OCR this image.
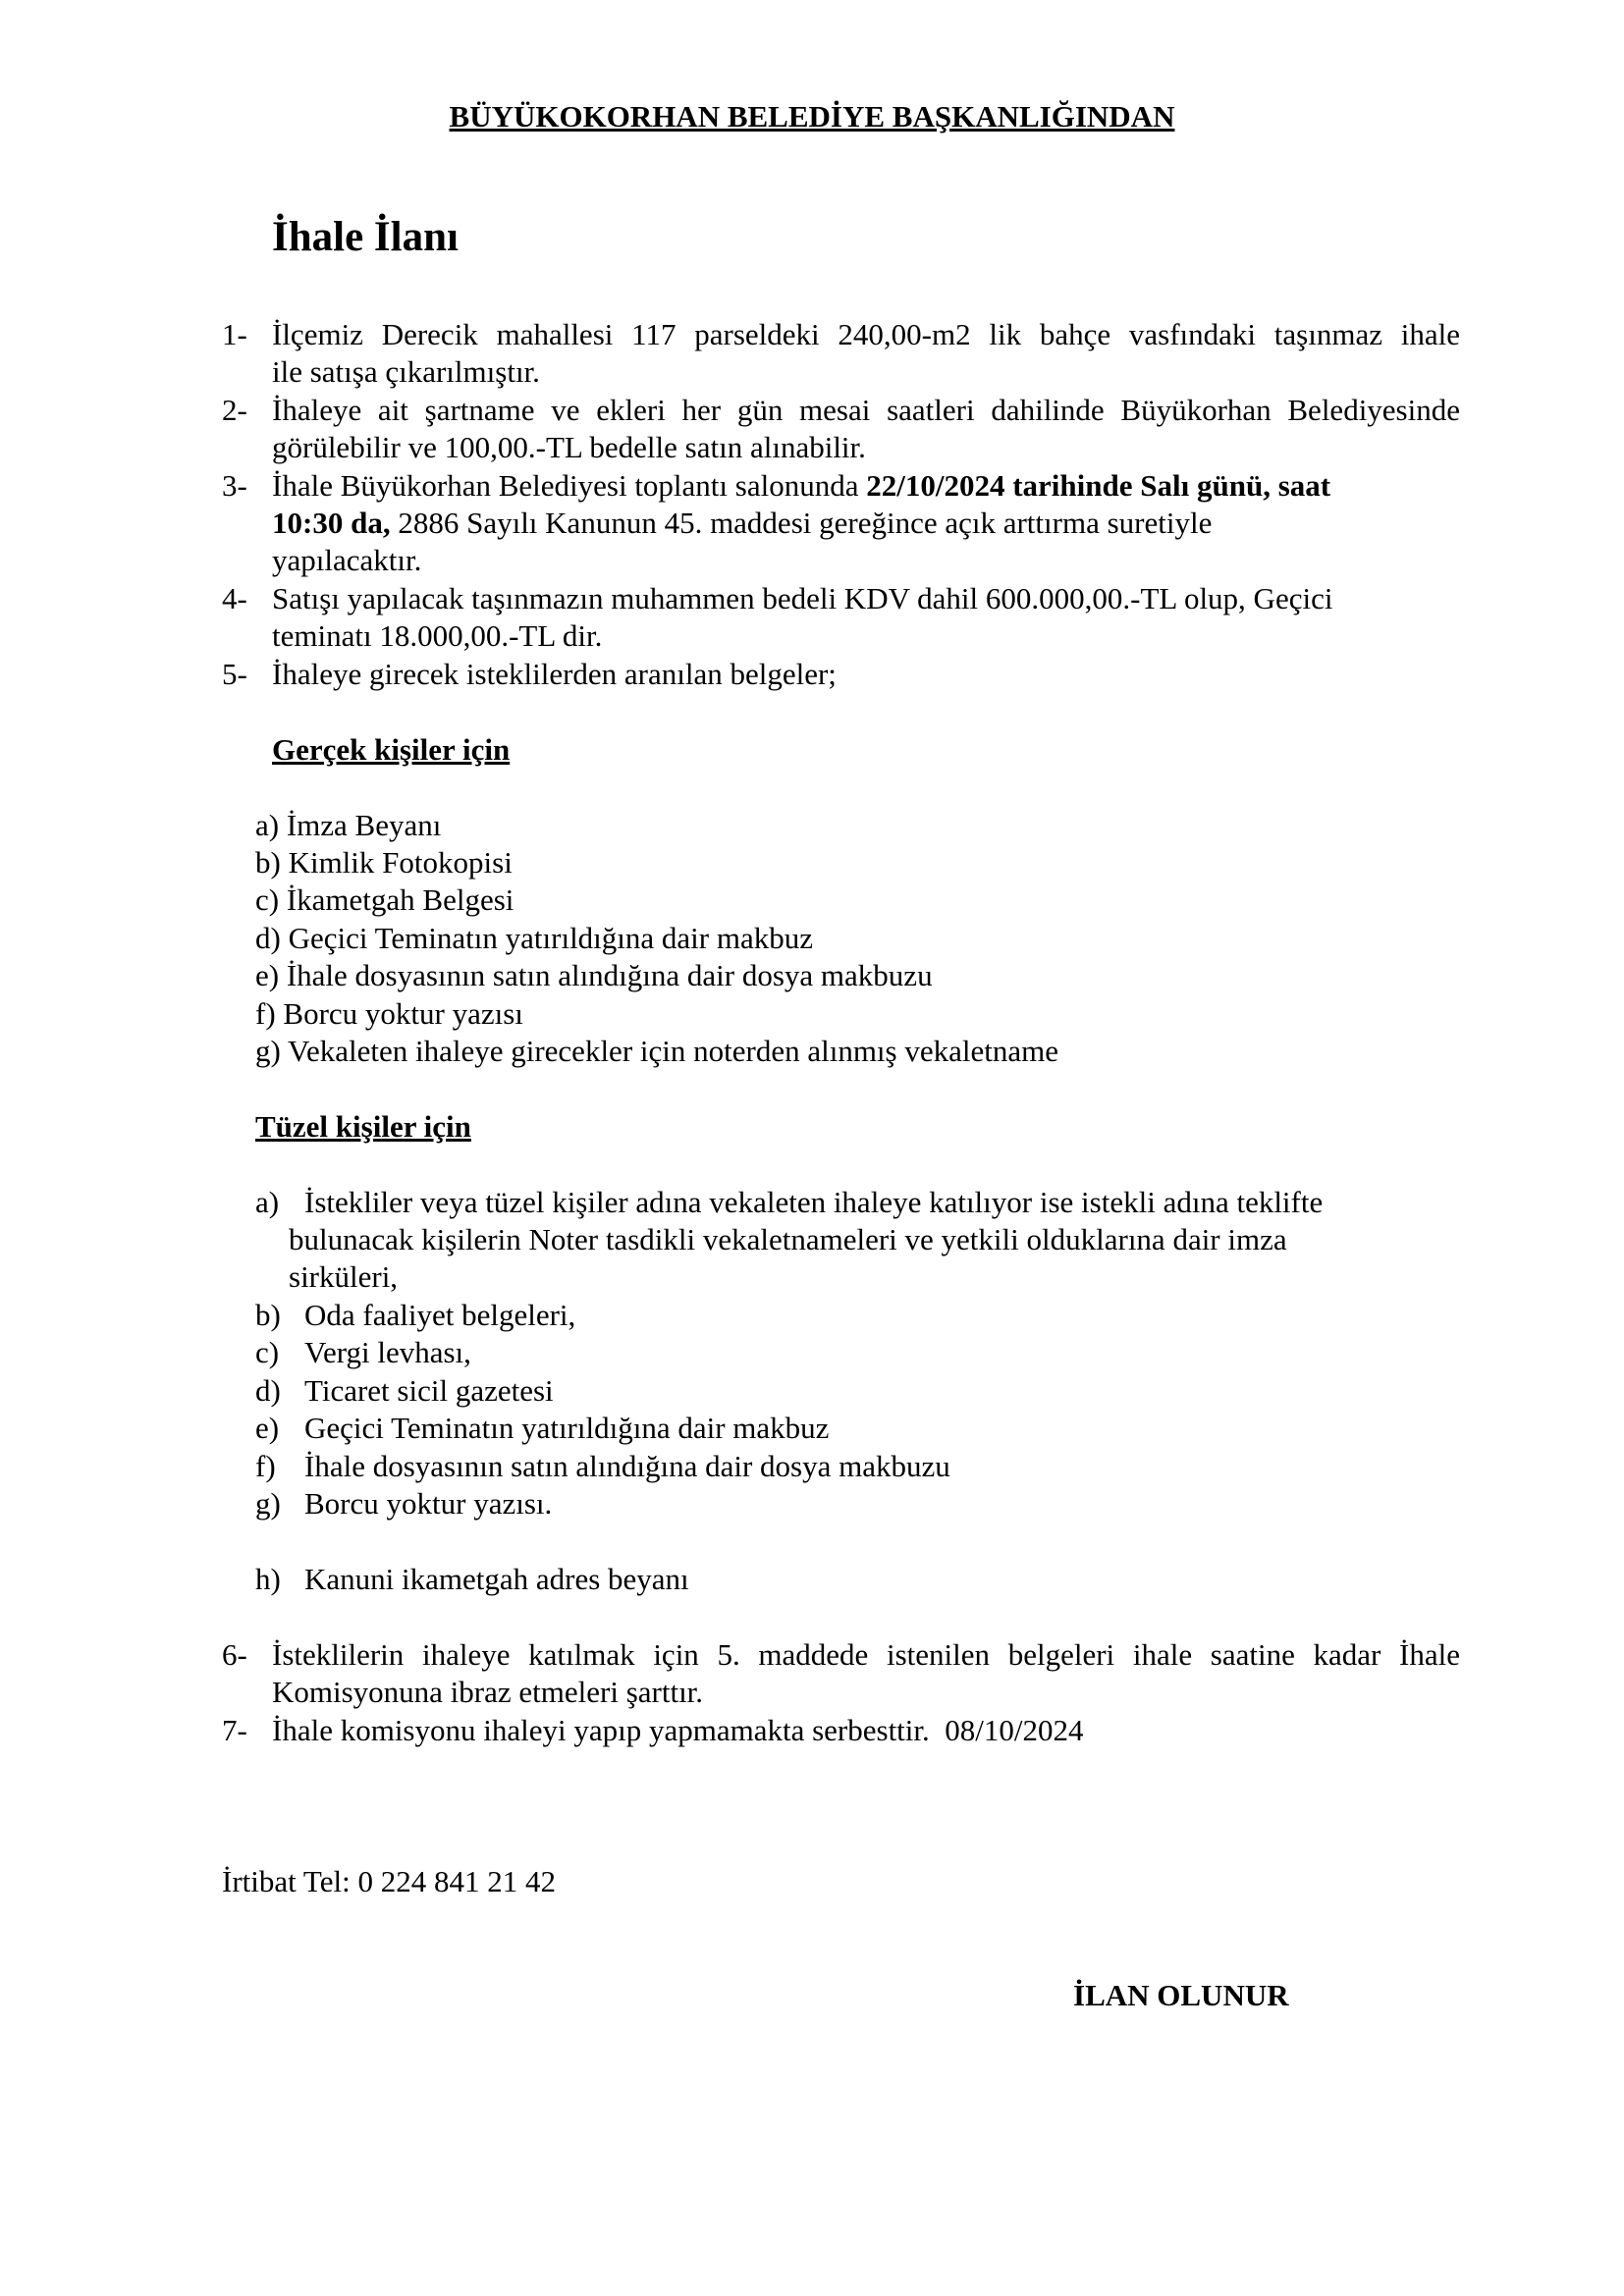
BÜYÜKOKORHAN BELEDİYE BAŞKANLIĞINDAN
İhale İlanı
1- İlçemiz Derecik mahallesi 117 parseldeki 240,00-m2 lik bahçe vasfındaki taşınmaz ihale
ile satışa çıkarılmıştır.
2- İhaleye ait şartname ve ekleri her gün mesai saatleri dahilinde Büyükorhan Belediyesinde
görülebilir ve 100,00.-TL bedelle satın alınabilir.
3- İhale Büyükorhan Belediyesi toplantı salonunda 22/10/2024 tarihinde Salı günü, saat
10:30 da, 2886 Sayılı Kanunun 45. maddesi gereğince açık arttırma suretiyle
yapılacaktır.
4- Satışı yapılacak taşınmazın muhammen bedeli KDV dahil 600.000,00.-TL olup, Geçici
teminatı 18.000,00.-TL dir.
5- İhaleye girecek isteklilerden aranılan belgeler;
Gerçek kişiler için
a) İmza Beyanı
b) Kimlik Fotokopisi
c) İkametgah Belgesi
d) Geçici Teminatın yatırıldığına dair makbuz
e) İhale dosyasının satın alındığına dair dosya makbuzu
f) Borcu yoktur yazısı
g) Vekaleten ihaleye girecekler için noterden alınmış vekaletname
Tüzel kişiler için
a) İstekliler veya tüzel kişiler adına vekaleten ihaleye katılıyor ise istekli adına teklifte
bulunacak kişilerin Noter tasdikli vekaletnameleri ve yetkili olduklarına dair imza
sirküleri,
b) Oda faaliyet belgeleri,
c) Vergi levhası,
d) Ticaret sicil gazetesi
e) Geçici Teminatın yatırıldığına dair makbuz
f) İhale dosyasının satın alındığına dair dosya makbuzu
g) Borcu yoktur yazısı.
h) Kanuni ikametgah adres beyanı
6- İsteklilerin ihaleye katılmak için 5. maddede istenilen belgeleri ihale saatine kadar İhale
Komisyonuna ibraz etmeleri şarttır.
7- İhale komisyonu ihaleyi yapıp yapmamakta serbesttir.  08/10/2024
İrtibat Tel: 0 224 841 21 42
İLAN OLUNUR
